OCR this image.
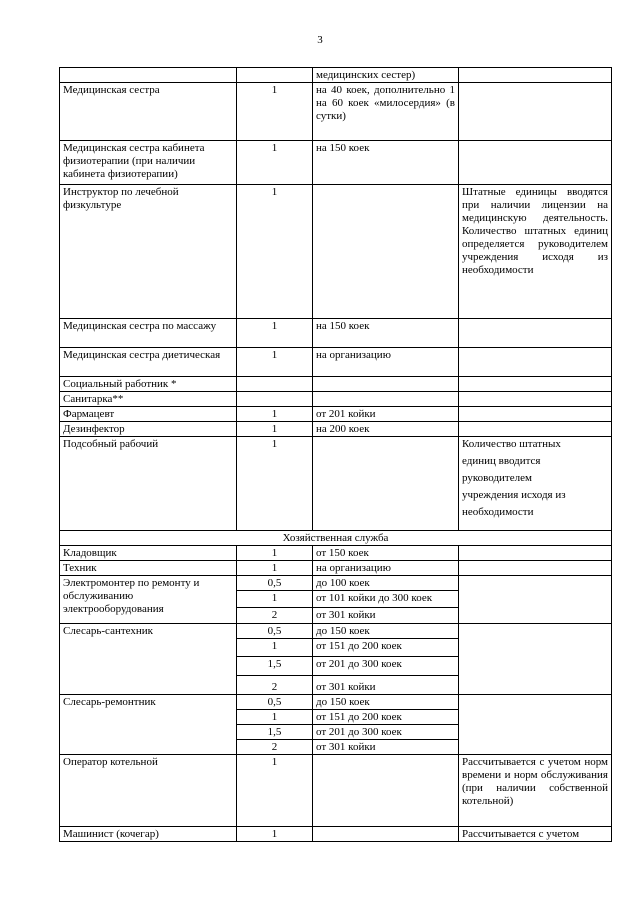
3
		медицинских сестер)	
Медицинская сестра	1	на 40 коек, дополнительно 1 на 60 коек «милосердия» (в сутки)	
Медицинская сестра кабинета физиотерапии (при наличии кабинета физиотерапии)	1	на 150 коек	
Инструктор по лечебной физкультуре	1		Штатные единицы вводятся при наличии лицензии на медицинскую деятельность. Количество штатных единиц определяется руководителем учреждения исходя из необходимости
Медицинская сестра по массажу	1	на 150 коек	
Медицинская сестра диетическая	1	на организацию	
Социальный работник *			
Санитарка**			
Фармацевт	1	от 201 койки	
Дезинфектор	1	на 200 коек	
Подсобный рабочий	1		Количество штатных

единиц вводится

руководителем

учреждения исходя из

необходимости

Хозяйственная служба			
Кладовщик	1	от 150 коек	
Техник	1	на организацию	
Электромонтер по ремонту и обслуживанию электрооборудования	0,5	до 100 коек	
	1	от 101 койки до 300 коек	
	2	от 301 койки	
Слесарь-сантехник	0,5	до 150 коек	
	1	от 151 до 200 коек	
	1,5	от 201 до 300 коек	
	2	от 301 койки	
Слесарь-ремонтник	0,5	до 150 коек	
	1	от 151 до 200 коек	
	1,5	от 201 до 300 коек	
	2	от 301 койки	
Оператор котельной	1		Рассчитывается с учетом норм времени и норм обслуживания (при наличии собственной котельной)
Машинист (кочегар)	1		Рассчитывается с учетом
